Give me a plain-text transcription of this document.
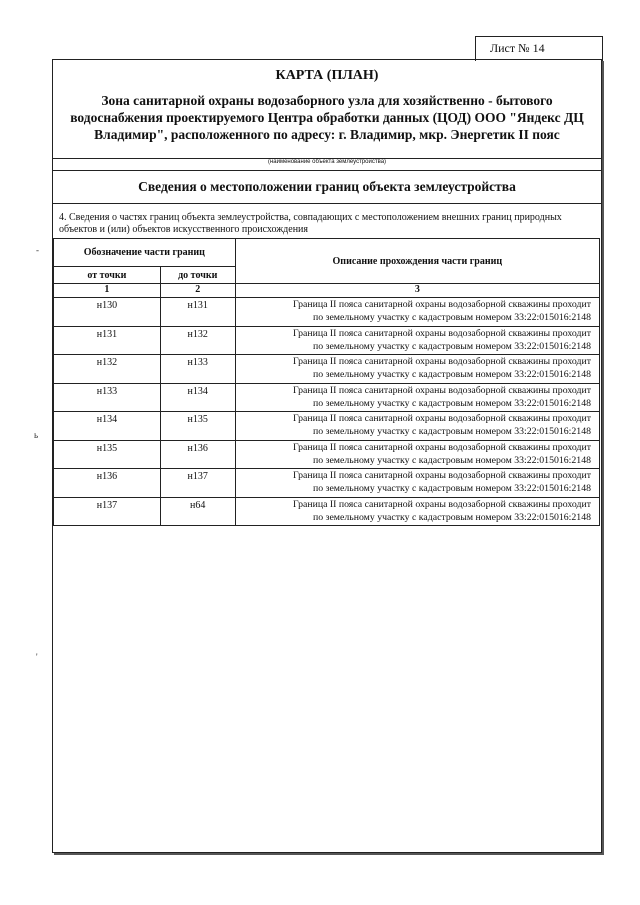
Лист № 14
КАРТА (ПЛАН)
Зона санитарной охраны водозаборного узла для хозяйственно - бытового водоснабжения проектируемого Центра обработки данных (ЦОД) ООО "Яндекс ДЦ Владимир", расположенного по адресу: г. Владимир, мкр. Энергетик II пояс
(наименование объекта землеустройства)
Сведения о местоположении границ объекта землеустройства
4. Сведения о частях границ объекта землеустройства, совпадающих с местоположением внешних границ природных объектов и (или) объектов искусственного происхождения
Обозначение части границ		Описание прохождения части границ
от точки	до точки	
1	2	3
н130	н131	Граница II пояса санитарной охраны водозаборной скважины проходит
по земельному участку с кадастровым номером 33:22:015016:2148

н131	н132	Граница II пояса санитарной охраны водозаборной скважины проходит
по земельному участку с кадастровым номером 33:22:015016:2148

н132	н133	Граница II пояса санитарной охраны водозаборной скважины проходит
по земельному участку с кадастровым номером 33:22:015016:2148

н133	н134	Граница II пояса санитарной охраны водозаборной скважины проходит
по земельному участку с кадастровым номером 33:22:015016:2148

н134	н135	Граница II пояса санитарной охраны водозаборной скважины проходит
по земельному участку с кадастровым номером 33:22:015016:2148

н135	н136	Граница II пояса санитарной охраны водозаборной скважины проходит
по земельному участку с кадастровым номером 33:22:015016:2148

н136	н137	Граница II пояса санитарной охраны водозаборной скважины проходит
по земельному участку с кадастровым номером 33:22:015016:2148

н137	н64	Граница II пояса санитарной охраны водозаборной скважины проходит
по земельному участку с кадастровым номером 33:22:015016:2148
‐
ь
'
